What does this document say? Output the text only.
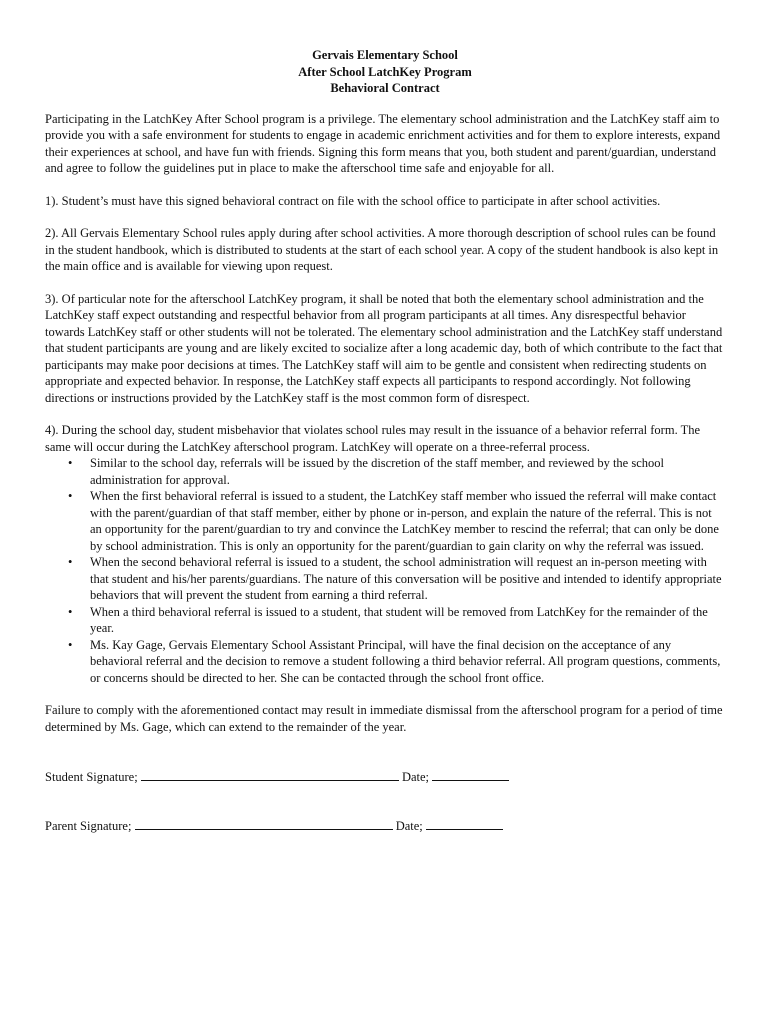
Gervais Elementary School
After School LatchKey Program
Behavioral Contract

Participating in the LatchKey After School program is a privilege. The elementary school administration and the LatchKey staff aim to provide you with a safe environment for students to engage in academic enrichment activities and for them to explore interests, expand their experiences at school, and have fun with friends. Signing this form means that you, both student and parent/guardian, understand and agree to follow the guidelines put in place to make the afterschool time safe and enjoyable for all.

1). Student’s must have this signed behavioral contract on file with the school office to participate in after school activities.

2). All Gervais Elementary School rules apply during after school activities. A more thorough description of school rules can be found in the student handbook, which is distributed to students at the start of each school year. A copy of the student handbook is also kept in the main office and is available for viewing upon request.

3). Of particular note for the afterschool LatchKey program, it shall be noted that both the elementary school administration and the LatchKey staff expect outstanding and respectful behavior from all program participants at all times. Any disrespectful behavior towards LatchKey staff or other students will not be tolerated. The elementary school administration and the LatchKey staff understand that student participants are young and are likely excited to socialize after a long academic day, both of which contribute to the fact that participants may make poor decisions at times. The LatchKey staff will aim to be gentle and consistent when redirecting students on appropriate and expected behavior. In response, the LatchKey staff expects all participants to respond accordingly. Not following directions or instructions provided by the LatchKey staff is the most common form of disrespect.

4). During the school day, student misbehavior that violates school rules may result in the issuance of a behavior referral form. The same will occur during the LatchKey afterschool program. LatchKey will operate on a three-referral process.

• Similar to the school day, referrals will be issued by the discretion of the staff member, and reviewed by the school administration for approval.
• When the first behavioral referral is issued to a student, the LatchKey staff member who issued the referral will make contact with the parent/guardian of that staff member, either by phone or in-person, and explain the nature of the referral. This is not an opportunity for the parent/guardian to try and convince the LatchKey member to rescind the referral; that can only be done by school administration. This is only an opportunity for the parent/guardian to gain clarity on why the referral was issued.
• When the second behavioral referral is issued to a student, the school administration will request an in-person meeting with that student and his/her parents/guardians. The nature of this conversation will be positive and intended to identify appropriate behaviors that will prevent the student from earning a third referral.
• When a third behavioral referral is issued to a student, that student will be removed from LatchKey for the remainder of the year.
• Ms. Kay Gage, Gervais Elementary School Assistant Principal, will have the final decision on the acceptance of any behavioral referral and the decision to remove a student following a third behavior referral. All program questions, comments, or concerns should be directed to her. She can be contacted through the school front office.

Failure to comply with the aforementioned contact may result in immediate dismissal from the afterschool program for a period of time determined by Ms. Gage, which can extend to the remainder of the year.

Student Signature;	Date;
Parent Signature;	Date;
